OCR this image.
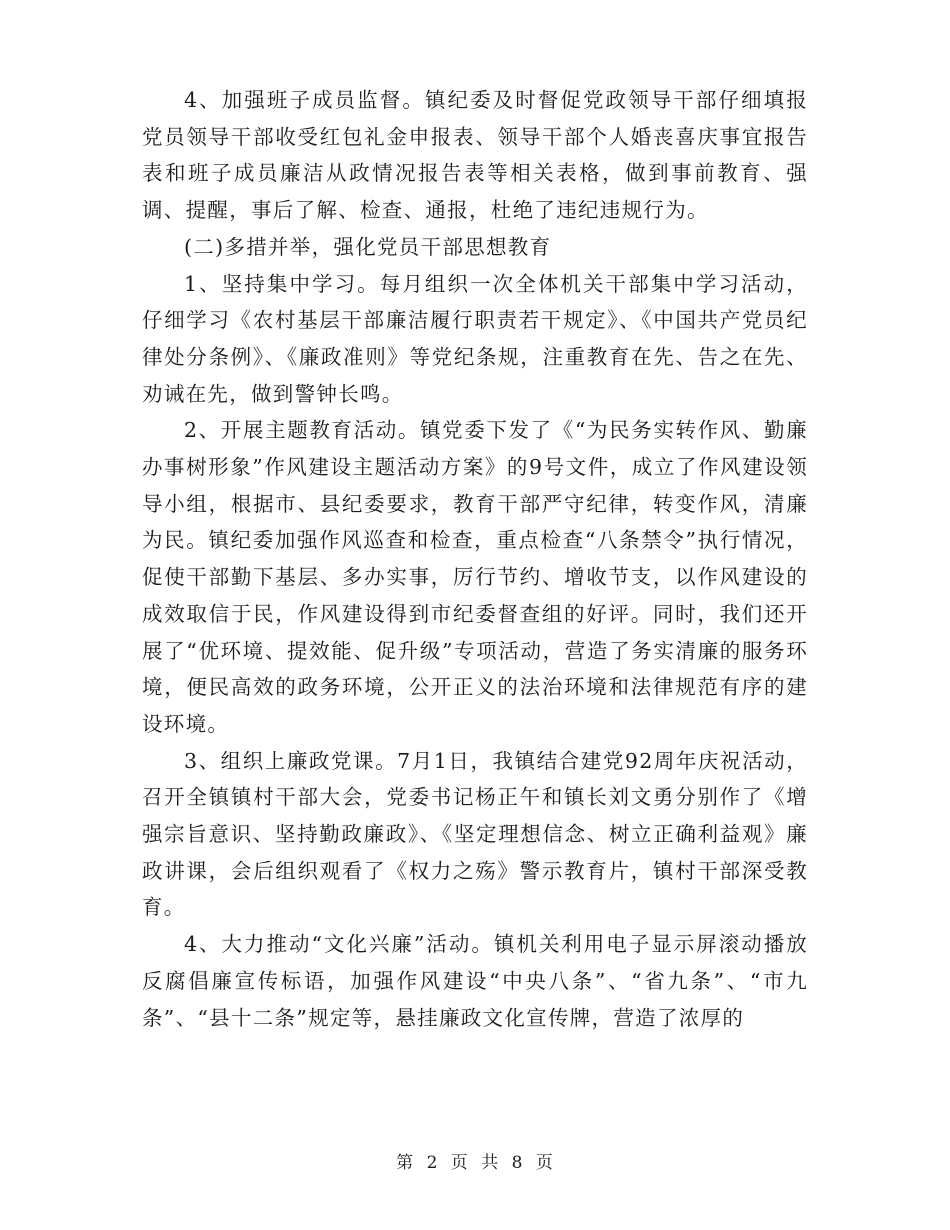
4、加强班子成员监督。镇纪委及时督促党政领导干部仔细填报党员领导干部收受红包礼金申报表、领导干部个人婚丧喜庆事宜报告表和班子成员廉洁从政情况报告表等相关表格，做到事前教育、强调、提醒，事后了解、检查、通报，杜绝了违纪违规行为。

(二)多措并举，强化党员干部思想教育

1、坚持集中学习。每月组织一次全体机关干部集中学习活动，仔细学习《农村基层干部廉洁履行职责若干规定》、《中国共产党员纪律处分条例》、《廉政准则》等党纪条规，注重教育在先、告之在先、劝诫在先，做到警钟长鸣。

2、开展主题教育活动。镇党委下发了《“为民务实转作风、勤廉办事树形象”作风建设主题活动方案》的9号文件，成立了作风建设领导小组，根据市、县纪委要求，教育干部严守纪律，转变作风，清廉为民。镇纪委加强作风巡查和检查，重点检查“八条禁令”执行情况，促使干部勤下基层、多办实事，厉行节约、增收节支，以作风建设的成效取信于民，作风建设得到市纪委督查组的好评。同时，我们还开展了“优环境、提效能、促升级”专项活动，营造了务实清廉的服务环境，便民高效的政务环境，公开正义的法治环境和法律规范有序的建设环境。

3、组织上廉政党课。7月1日，我镇结合建党92周年庆祝活动，召开全镇镇村干部大会，党委书记杨正午和镇长刘文勇分别作了《增强宗旨意识、坚持勤政廉政》、《坚定理想信念、树立正确利益观》廉政讲课，会后组织观看了《权力之殇》警示教育片，镇村干部深受教育。

4、大力推动“文化兴廉”活动。镇机关利用电子显示屏滚动播放反腐倡廉宣传标语，加强作风建设“中央八条”、“省九条”、“市九条”、“县十二条”规定等，悬挂廉政文化宣传牌，营造了浓厚的

第 2 页 共 8 页
